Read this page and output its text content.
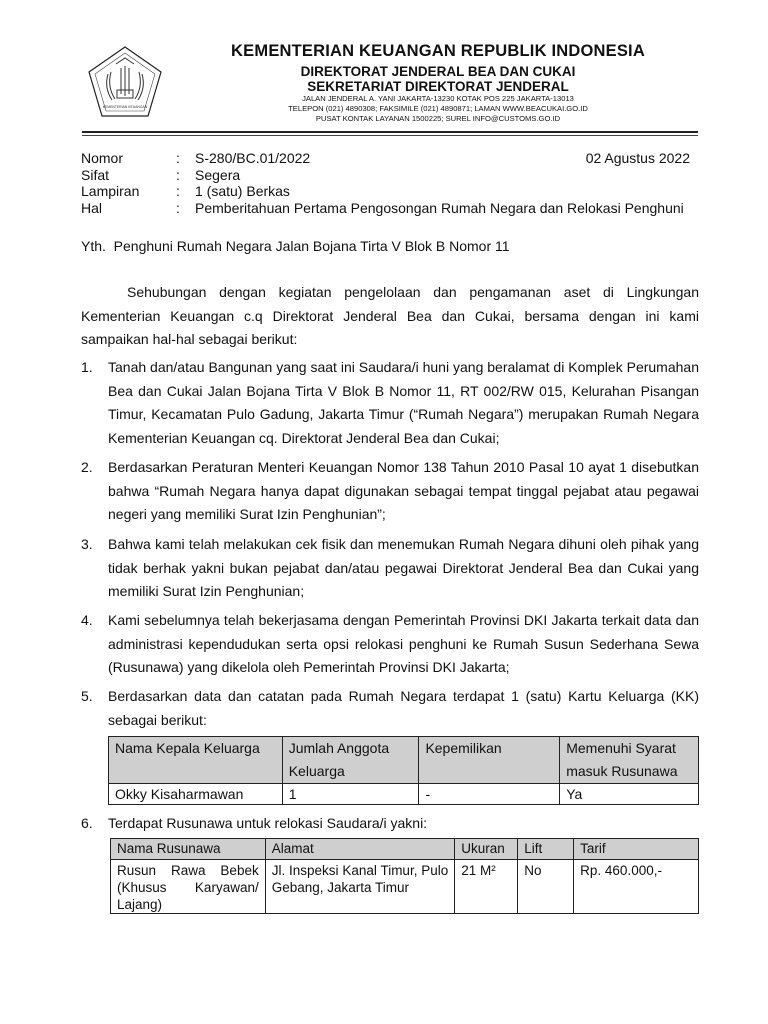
KEMENTERIAN KEUANGAN
KEMENTERIAN KEUANGAN REPUBLIK INDONESIA
DIREKTORAT JENDERAL BEA DAN CUKAI
SEKRETARIAT DIREKTORAT JENDERAL
JALAN JENDERAL A. YANI JAKARTA-13230 KOTAK POS 225 JAKARTA-13013
TELEPON (021) 4890308; FAKSIMILE (021) 4890871; LAMAN WWW.BEACUKAI.GO.ID
PUSAT KONTAK LAYANAN 1500225; SUREL INFO@CUSTOMS.GO.ID
Nomor	: S-280/BC.01/2022	02 Agustus 2022
Sifat	: Segera
Lampiran	: 1 (satu) Berkas
Hal	: Pemberitahuan Pertama Pengosongan Rumah Negara dan Relokasi Penghuni
Yth.  Penghuni Rumah Negara Jalan Bojana Tirta V Blok B Nomor 11
Sehubungan dengan kegiatan pengelolaan dan pengamanan aset di Lingkungan Kementerian Keuangan c.q Direktorat Jenderal Bea dan Cukai, bersama dengan ini kami sampaikan hal-hal sebagai berikut:
1. Tanah dan/atau Bangunan yang saat ini Saudara/i huni yang beralamat di Komplek Perumahan Bea dan Cukai Jalan Bojana Tirta V Blok B Nomor 11, RT 002/RW 015, Kelurahan Pisangan Timur, Kecamatan Pulo Gadung, Jakarta Timur (“Rumah Negara”) merupakan Rumah Negara Kementerian Keuangan cq. Direktorat Jenderal Bea dan Cukai;
2. Berdasarkan Peraturan Menteri Keuangan Nomor 138 Tahun 2010 Pasal 10 ayat 1 disebutkan bahwa “Rumah Negara hanya dapat digunakan sebagai tempat tinggal pejabat atau pegawai negeri yang memiliki Surat Izin Penghunian”;
3. Bahwa kami telah melakukan cek fisik dan menemukan Rumah Negara dihuni oleh pihak yang tidak berhak yakni bukan pejabat dan/atau pegawai Direktorat Jenderal Bea dan Cukai yang memiliki Surat Izin Penghunian;
4. Kami sebelumnya telah bekerjasama dengan Pemerintah Provinsi DKI Jakarta terkait data dan administrasi kependudukan serta opsi relokasi penghuni ke Rumah Susun Sederhana Sewa (Rusunawa) yang dikelola oleh Pemerintah Provinsi DKI Jakarta;
5. Berdasarkan data dan catatan pada Rumah Negara terdapat 1 (satu) Kartu Keluarga (KK) sebagai berikut:
Nama Kepala Keluarga	Jumlah Anggota Keluarga	Kepemilikan	Memenuhi Syarat masuk Rusunawa
Okky Kisaharmawan	1	-	Ya
6. Terdapat Rusunawa untuk relokasi Saudara/i yakni:
Nama Rusunawa	Alamat	Ukuran	Lift	Tarif
Rusun Rawa Bebek (Khusus Karyawan/ Lajang)	Jl. Inspeksi Kanal Timur, Pulo Gebang, Jakarta Timur	21 M²	No	Rp. 460.000,-
